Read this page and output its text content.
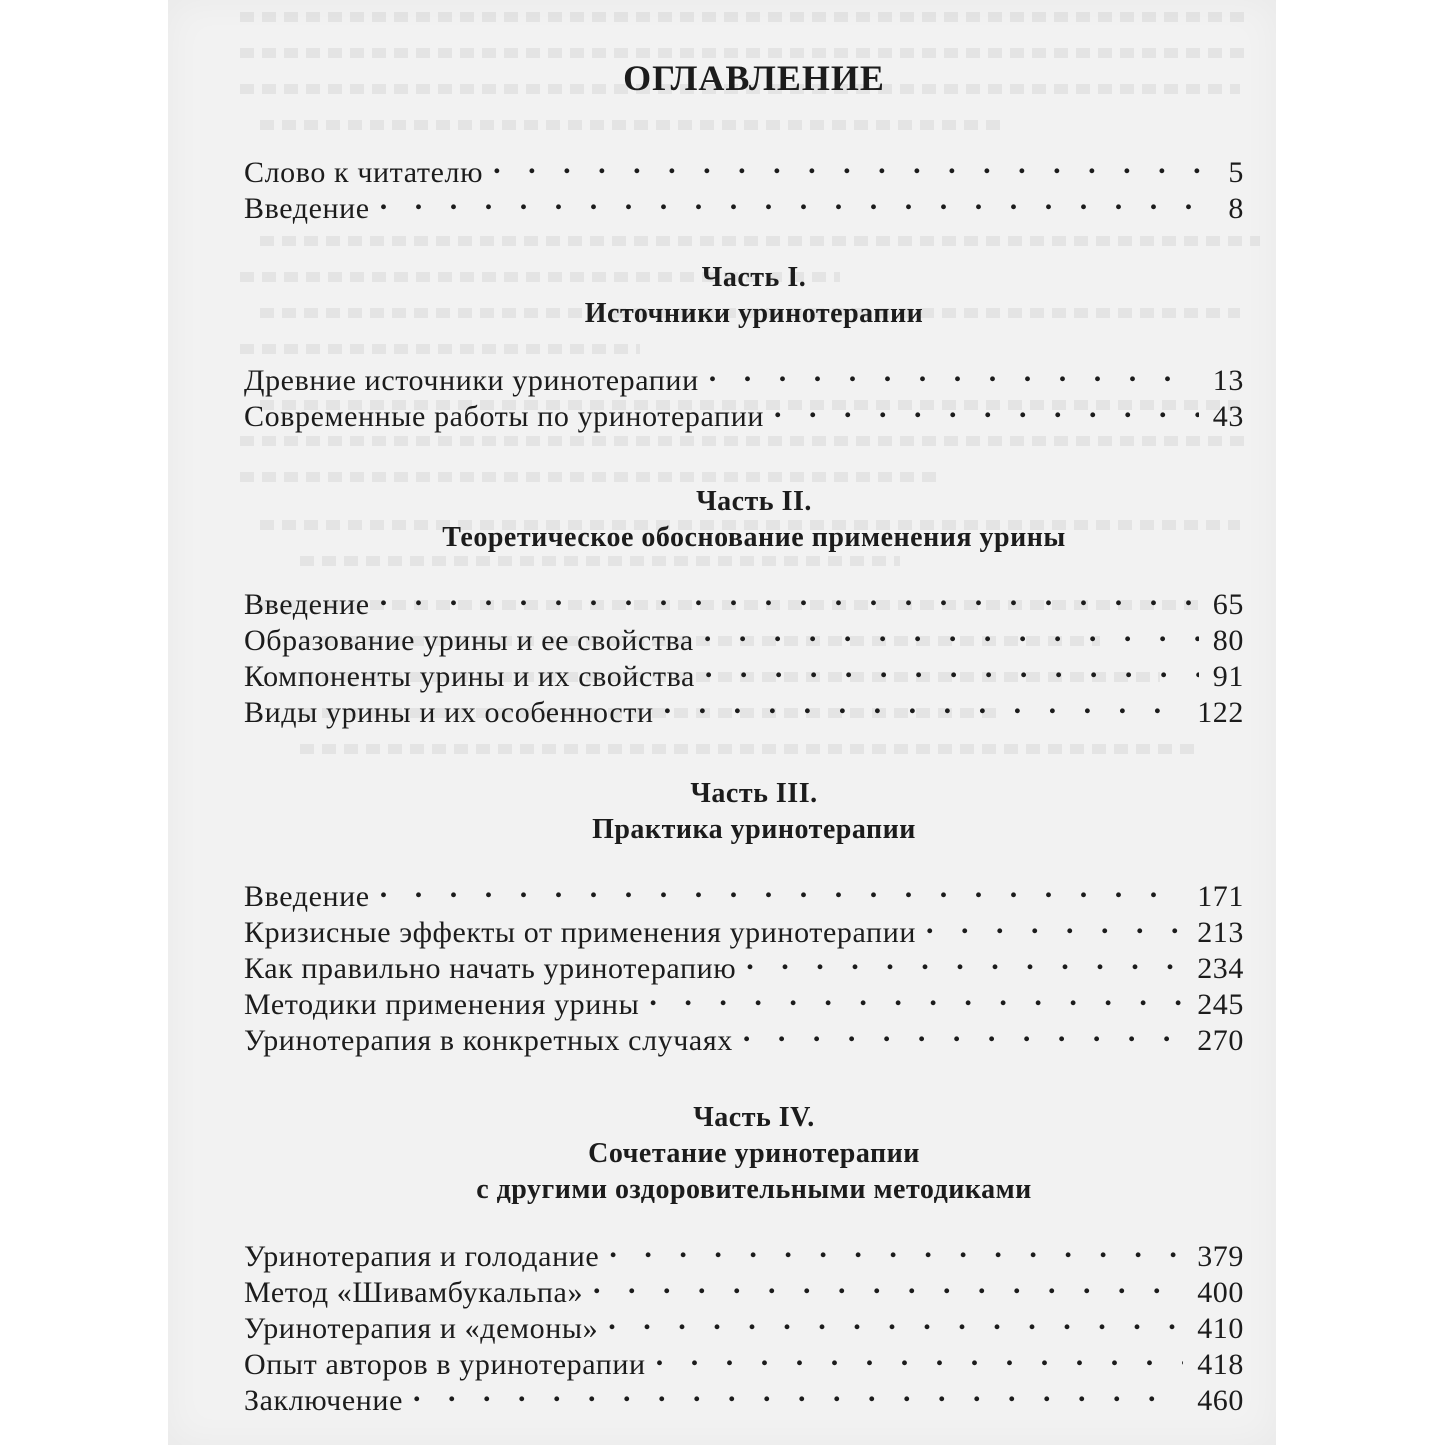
ОГЛАВЛЕНИЕ
Слово к читателю . . .	5
Введение . . .	8
Часть I.
Источники уринотерапии
Древние источники уринотерапии . . .	13
Современные работы по уринотерапии . . .	43
Часть II.
Теоретическое обоснование применения урины
Введение . . .	65
Образование урины и ее свойства . . .	80
Компоненты урины и их свойства . . .	91
Виды урины и их особенности . . .	122
Часть III.
Практика уринотерапии
Введение . . .	171
Кризисные эффекты от применения уринотерапии . . .	213
Как правильно начать уринотерапию . . .	234
Методики применения урины . . .	245
Уринотерапия в конкретных случаях . . .	270
Часть IV.
Сочетание уринотерапии
с другими оздоровительными методиками
Уринотерапия и голодание . . .	379
Метод «Шивамбукальпа» . . .	400
Уринотерапия и «демоны» . . .	410
Опыт авторов в уринотерапии . . .	418
Заключение . . .	460
